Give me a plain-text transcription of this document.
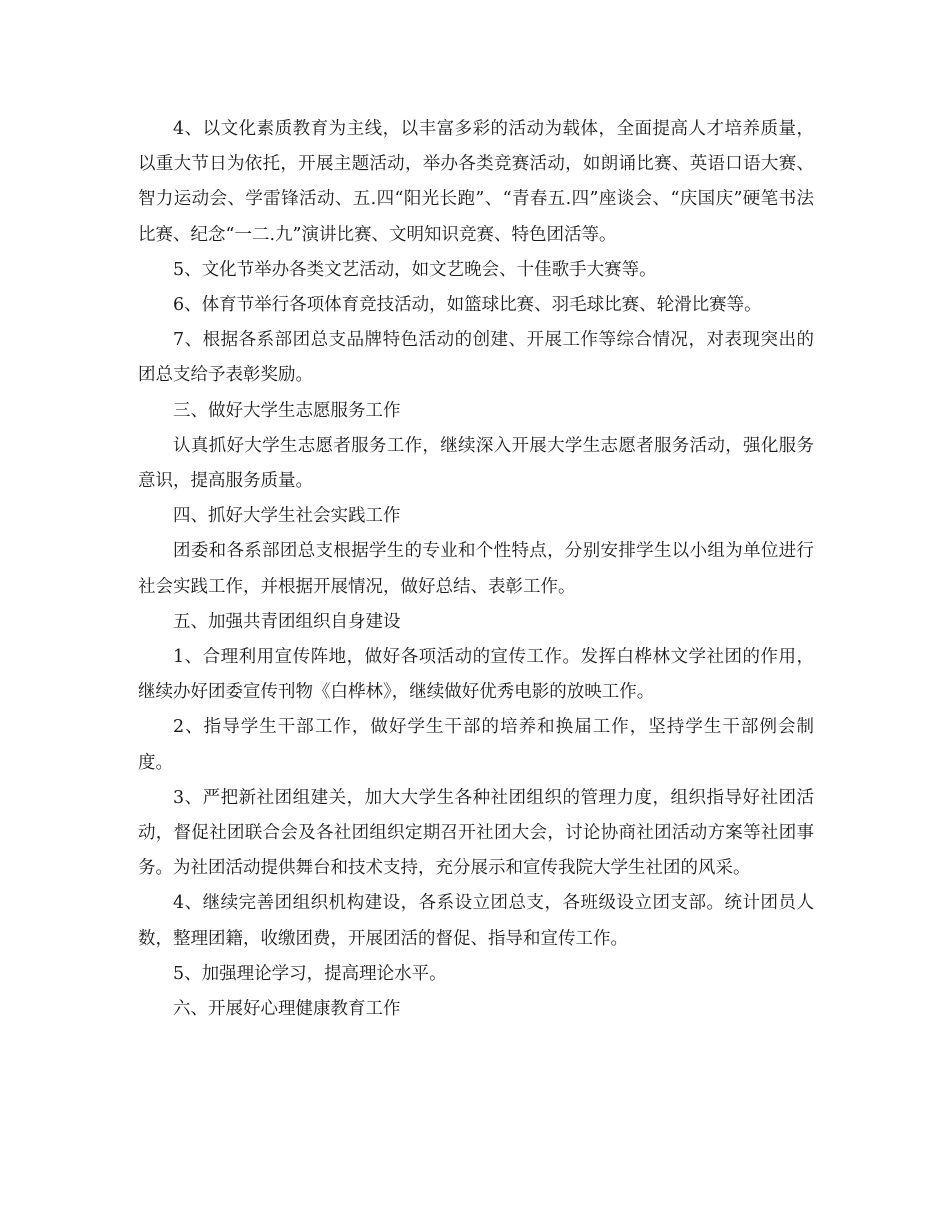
4、以文化素质教育为主线，以丰富多彩的活动为载体，全面提高人才培养质量，以重大节日为依托，开展主题活动，举办各类竞赛活动，如朗诵比赛、英语口语大赛、智力运动会、学雷锋活动、五.四“阳光长跑”、“青春五.四”座谈会、“庆国庆”硬笔书法比赛、纪念“一二.九”演讲比赛、文明知识竞赛、特色团活等。

5、文化节举办各类文艺活动，如文艺晚会、十佳歌手大赛等。

6、体育节举行各项体育竞技活动，如篮球比赛、羽毛球比赛、轮滑比赛等。

7、根据各系部团总支品牌特色活动的创建、开展工作等综合情况，对表现突出的团总支给予表彰奖励。

三、做好大学生志愿服务工作

认真抓好大学生志愿者服务工作，继续深入开展大学生志愿者服务活动，强化服务意识，提高服务质量。

四、抓好大学生社会实践工作

团委和各系部团总支根据学生的专业和个性特点，分别安排学生以小组为单位进行社会实践工作，并根据开展情况，做好总结、表彰工作。

五、加强共青团组织自身建设

1、合理利用宣传阵地，做好各项活动的宣传工作。发挥白桦林文学社团的作用，继续办好团委宣传刊物《白桦林》，继续做好优秀电影的放映工作。

2、指导学生干部工作，做好学生干部的培养和换届工作，坚持学生干部例会制度。

3、严把新社团组建关，加大大学生各种社团组织的管理力度，组织指导好社团活动，督促社团联合会及各社团组织定期召开社团大会，讨论协商社团活动方案等社团事务。为社团活动提供舞台和技术支持，充分展示和宣传我院大学生社团的风采。

4、继续完善团组织机构建设，各系设立团总支，各班级设立团支部。统计团员人数，整理团籍，收缴团费，开展团活的督促、指导和宣传工作。

5、加强理论学习，提高理论水平。

六、开展好心理健康教育工作
